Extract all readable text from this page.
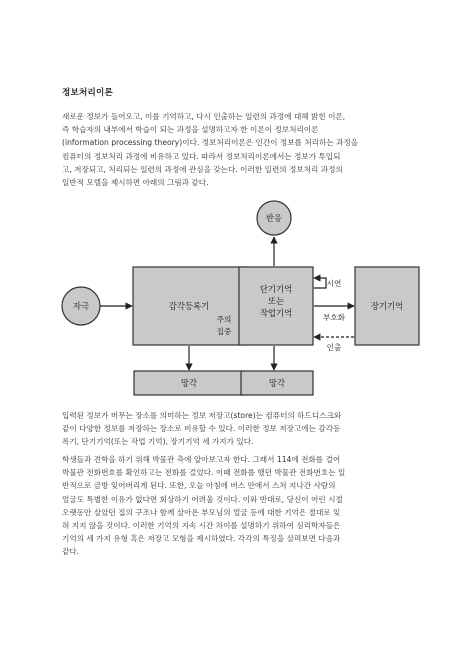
정보처리이론
새로운 정보가 들어오고, 이를 기억하고, 다시 인출하는 일련의 과정에 대해 밝힌 이론,
즉 학습자의 내부에서 학습이 되는 과정을 설명하고자 한 이론이 정보처리이론
(information processing theory)이다. 정보처리이론은 인간이 정보를 처리하는 과정을
컴퓨터의 정보처리 과정에 비유하고 있다. 따라서 정보처리이론에서는 정보가 투입되
고, 저장되고, 처리되는 일련의 과정에 관심을 갖는다. 이러한 일련의 정보처리 과정의
일반적 모델을 제시하면 아래의 그림과 같다.
반응
자극	감각등록기	장기기억
망각	망각
주의
집중
단기기억
또는
작업기억
시연
부호화
인출
입력된 정보가 머무는 장소를 의미하는 정보 저장고(store)는 컴퓨터의 하드디스크와
같이 다양한 정보를 저장하는 장소로 비유할 수 있다. 이러한 정보 저장고에는 감각등
록기, 단기기억(또는 작업 기억), 장기기억 세 가지가 있다.
학생들과 견학을 하기 위해 박물관 측에 알아보고자 한다. 그래서 114에 전화를 걸어
박물관 전화번호를 확인하고는 전화를 걸었다. 이때 전화를 했던 박물관 전화번호는 일
반적으로 금방 잊어버리게 된다. 또한, 오늘 아침에 버스 안에서 스쳐 지나간 사람의
얼굴도 특별한 이유가 없다면 회상하기 어려울 것이다. 이와 반대로, 당신이 어린 시절
오랫동안 살았던 집의 구조나 함께 살아온 부모님의 얼굴 등에 대한 기억은 절대로 잊
혀 지지 않을 것이다. 이러한 기억의 지속 시간 차이를 설명하기 위하여 심리학자들은
기억의 세 가지 유형 혹은 저장고 모형을 제시하였다. 각각의 특징을 살펴보면 다음과
같다.
